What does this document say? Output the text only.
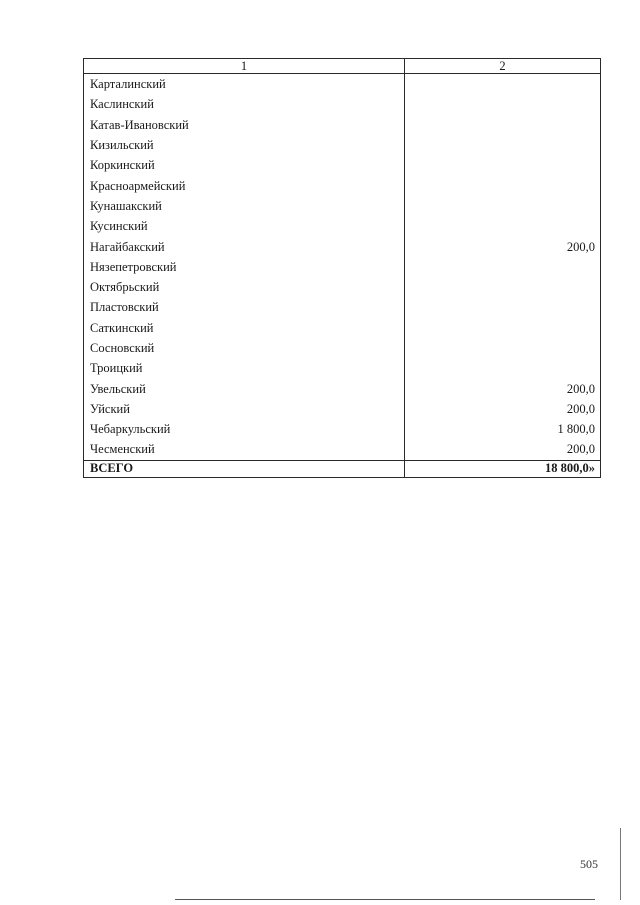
1	2
Карталинский	
Каслинский	
Катав-Ивановский	
Кизильский	
Коркинский	
Красноармейский	
Кунашакский	
Кусинский	
Нагайбакский	200,0
Нязепетровский	
Октябрьский	
Пластовский	
Саткинский	
Сосновский	
Троицкий	
Увельский	200,0
Уйский	200,0
Чебаркульский	1 800,0
Чесменский	200,0
ВСЕГО	18 800,0»
505
